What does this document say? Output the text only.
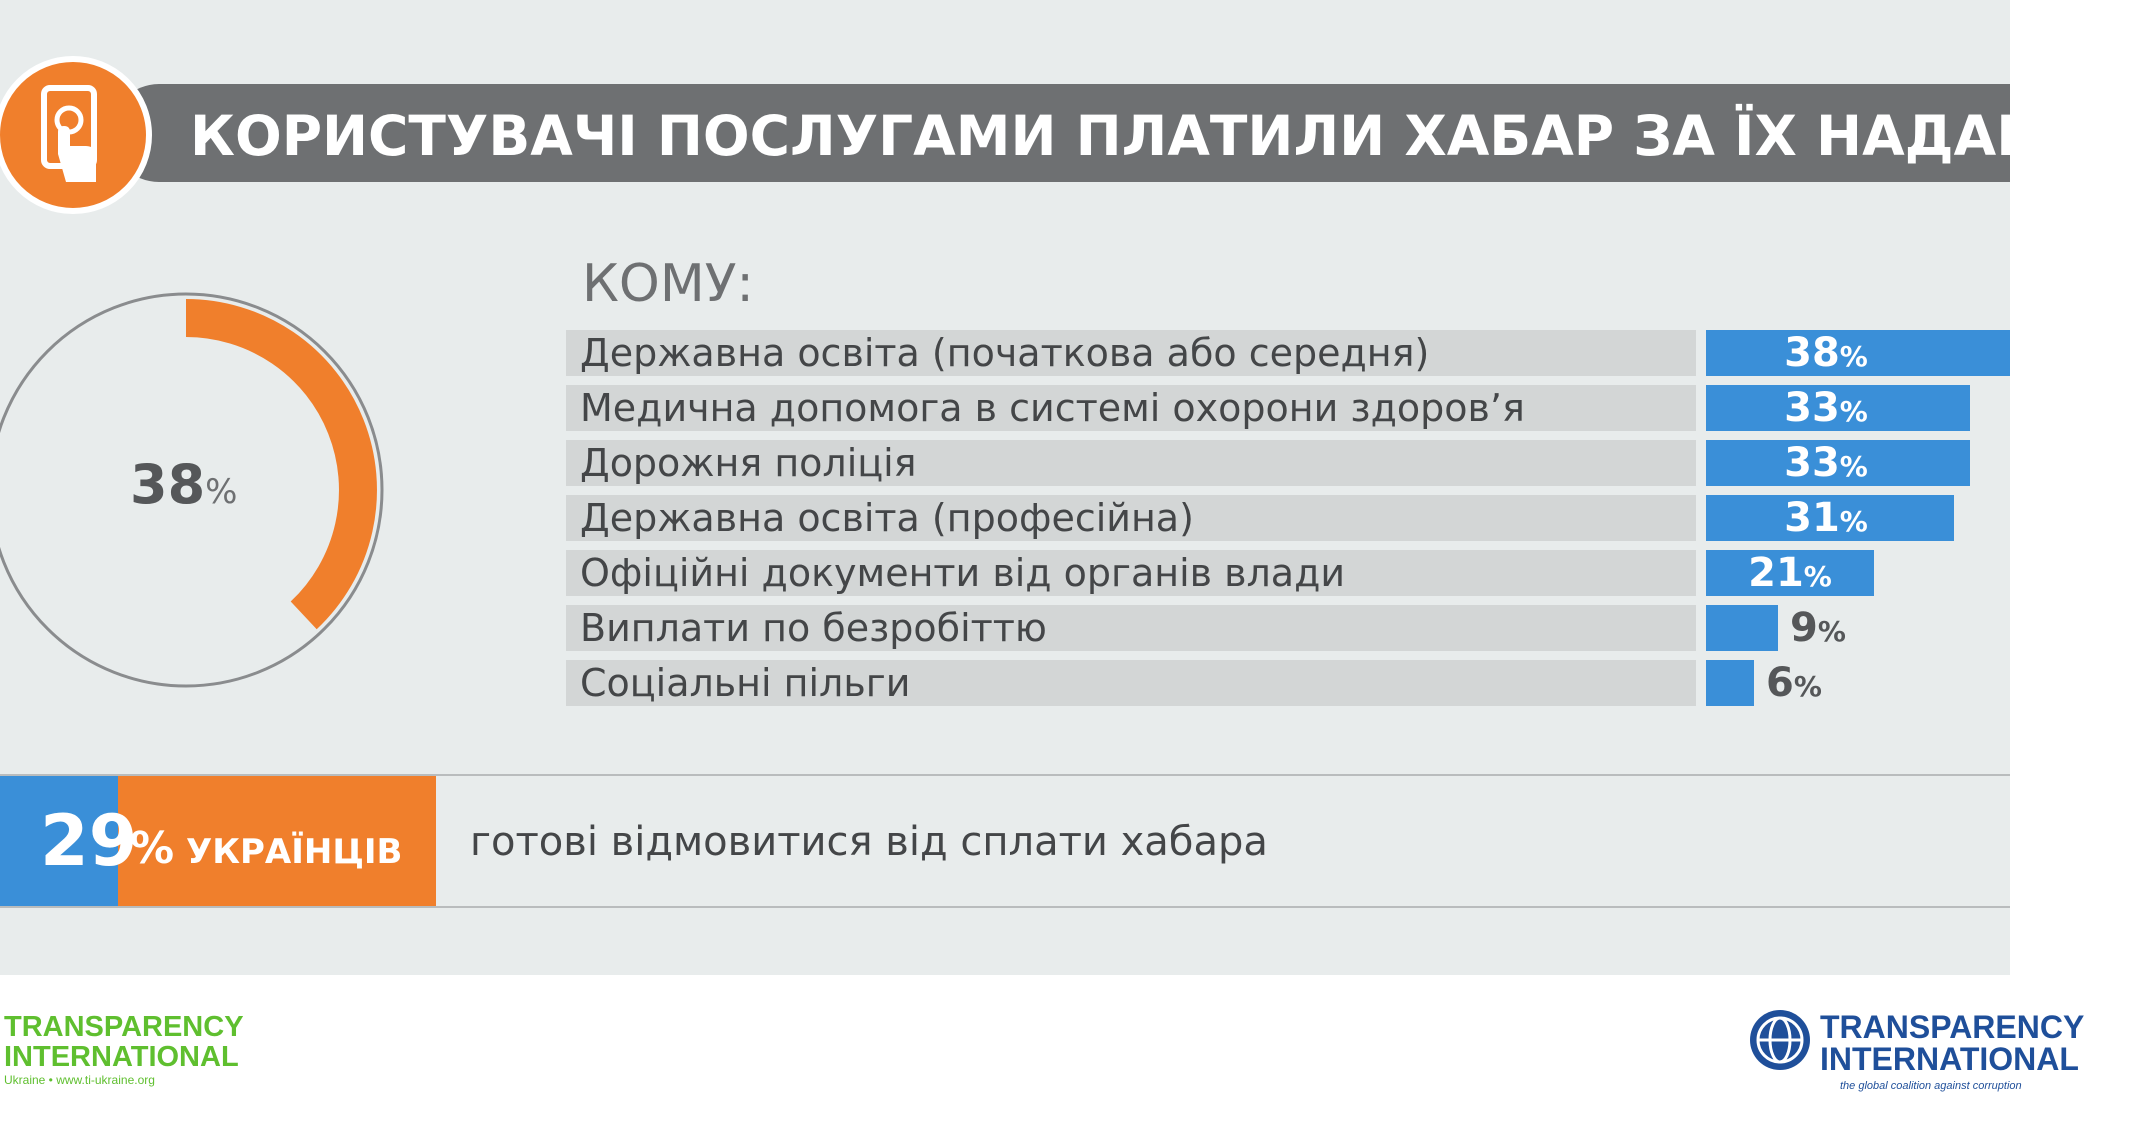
КОРИСТУВАЧІ ПОСЛУГАМИ ПЛАТИЛИ ХАБАР ЗА ЇХ НАДАННЯ:
38%
КОМУ:
Державна освіта (початкова або середня)	38%
Медична допомога в системі охорони здоров’я	33%
Дорожня поліція	33%
Державна освіта (професійна)	31%
Офіційні документи від органів влади	21%
Виплати по безробіттю	9%
Соціальні пільги	6%
29
% УКРАЇНЦІВ готові відмовитися від сплати хабара
TRANSPARENCY
INTERNATIONAL
Ukraine • www.ti-ukraine.org
TRANSPARENCY
INTERNATIONAL
the global coalition against corruption
